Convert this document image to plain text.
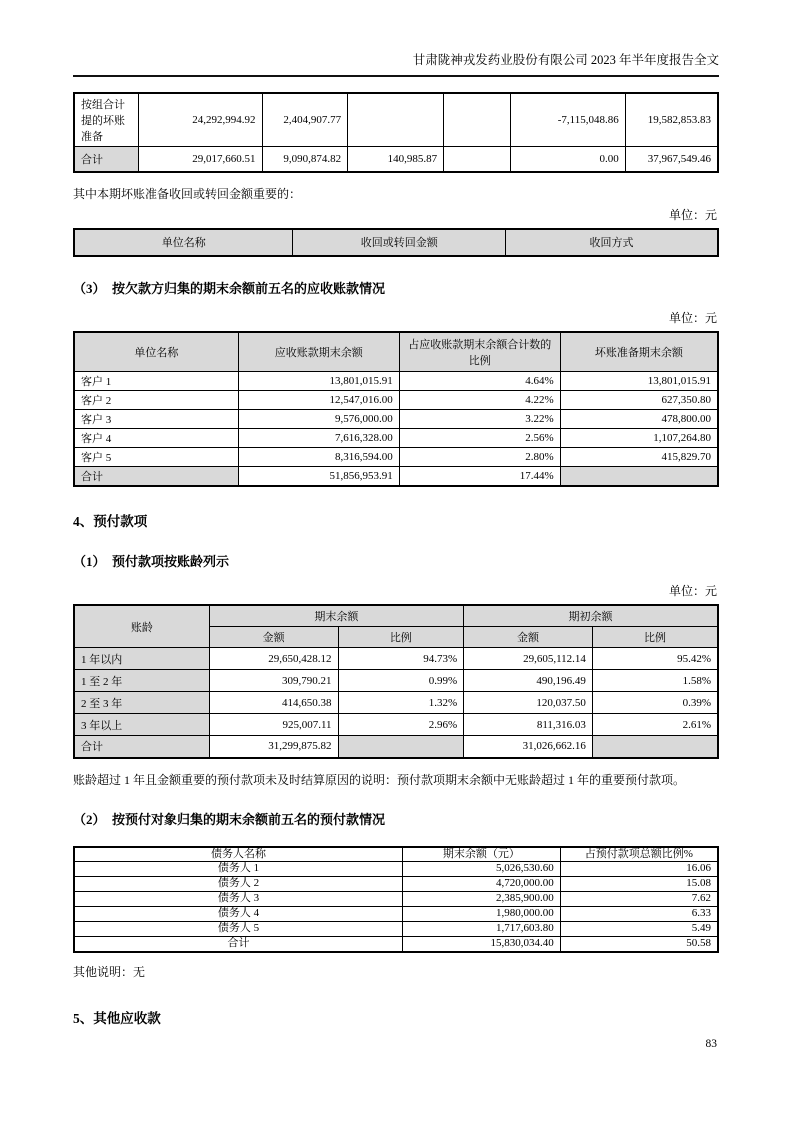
甘肃陇神戎发药业股份有限公司 2023 年半年度报告全文
按组合计提的坏账准备	24,292,994.92	2,404,907.77			-7,115,048.86	19,582,853.83
合计	29,017,660.51	9,090,874.82	140,985.87		0.00	37,967,549.46

其中本期坏账准备收回或转回金额重要的：

单位：元
单位名称	收回或转回金额	收回方式
（3）　按欠款方归集的期末余额前五名的应收账款情况
单位：元
单位名称	应收账款期末余额	占应收账款期末余额合计数的比例	坏账准备期末余额
客户 1	13,801,015.91	4.64%	13,801,015.91
客户 2	12,547,016.00	4.22%	627,350.80
客户 3	9,576,000.00	3.22%	478,800.00
客户 4	7,616,328.00	2.56%	1,107,264.80
客户 5	8,316,594.00	2.80%	415,829.70
合计	51,856,953.91	17.44%	
4、预付款项
（1）　预付款项按账龄列示
单位：元
账龄	期末余额		期初余额	
	金额	比例	金额	比例
1 年以内	29,650,428.12	94.73%	29,605,112.14	95.42%
1 至 2 年	309,790.21	0.99%	490,196.49	1.58%
2 至 3 年	414,650.38	1.32%	120,037.50	0.39%
3 年以上	925,007.11	2.96%	811,316.03	2.61%
合计	31,299,875.82		31,026,662.16	

账龄超过 1 年且金额重要的预付款项未及时结算原因的说明：预付款项期末余额中无账龄超过 1 年的重要预付款项。

（2）　按预付对象归集的期末余额前五名的预付款情况
债务人名称	期末余额（元）	占预付款项总额比例%
债务人 1	5,026,530.60	16.06
债务人 2	4,720,000.00	15.08
债务人 3	2,385,900.00	7.62
债务人 4	1,980,000.00	6.33
债务人 5	1,717,603.80	5.49
合计	15,830,034.40	50.58

其他说明：无

5、其他应收款
83
